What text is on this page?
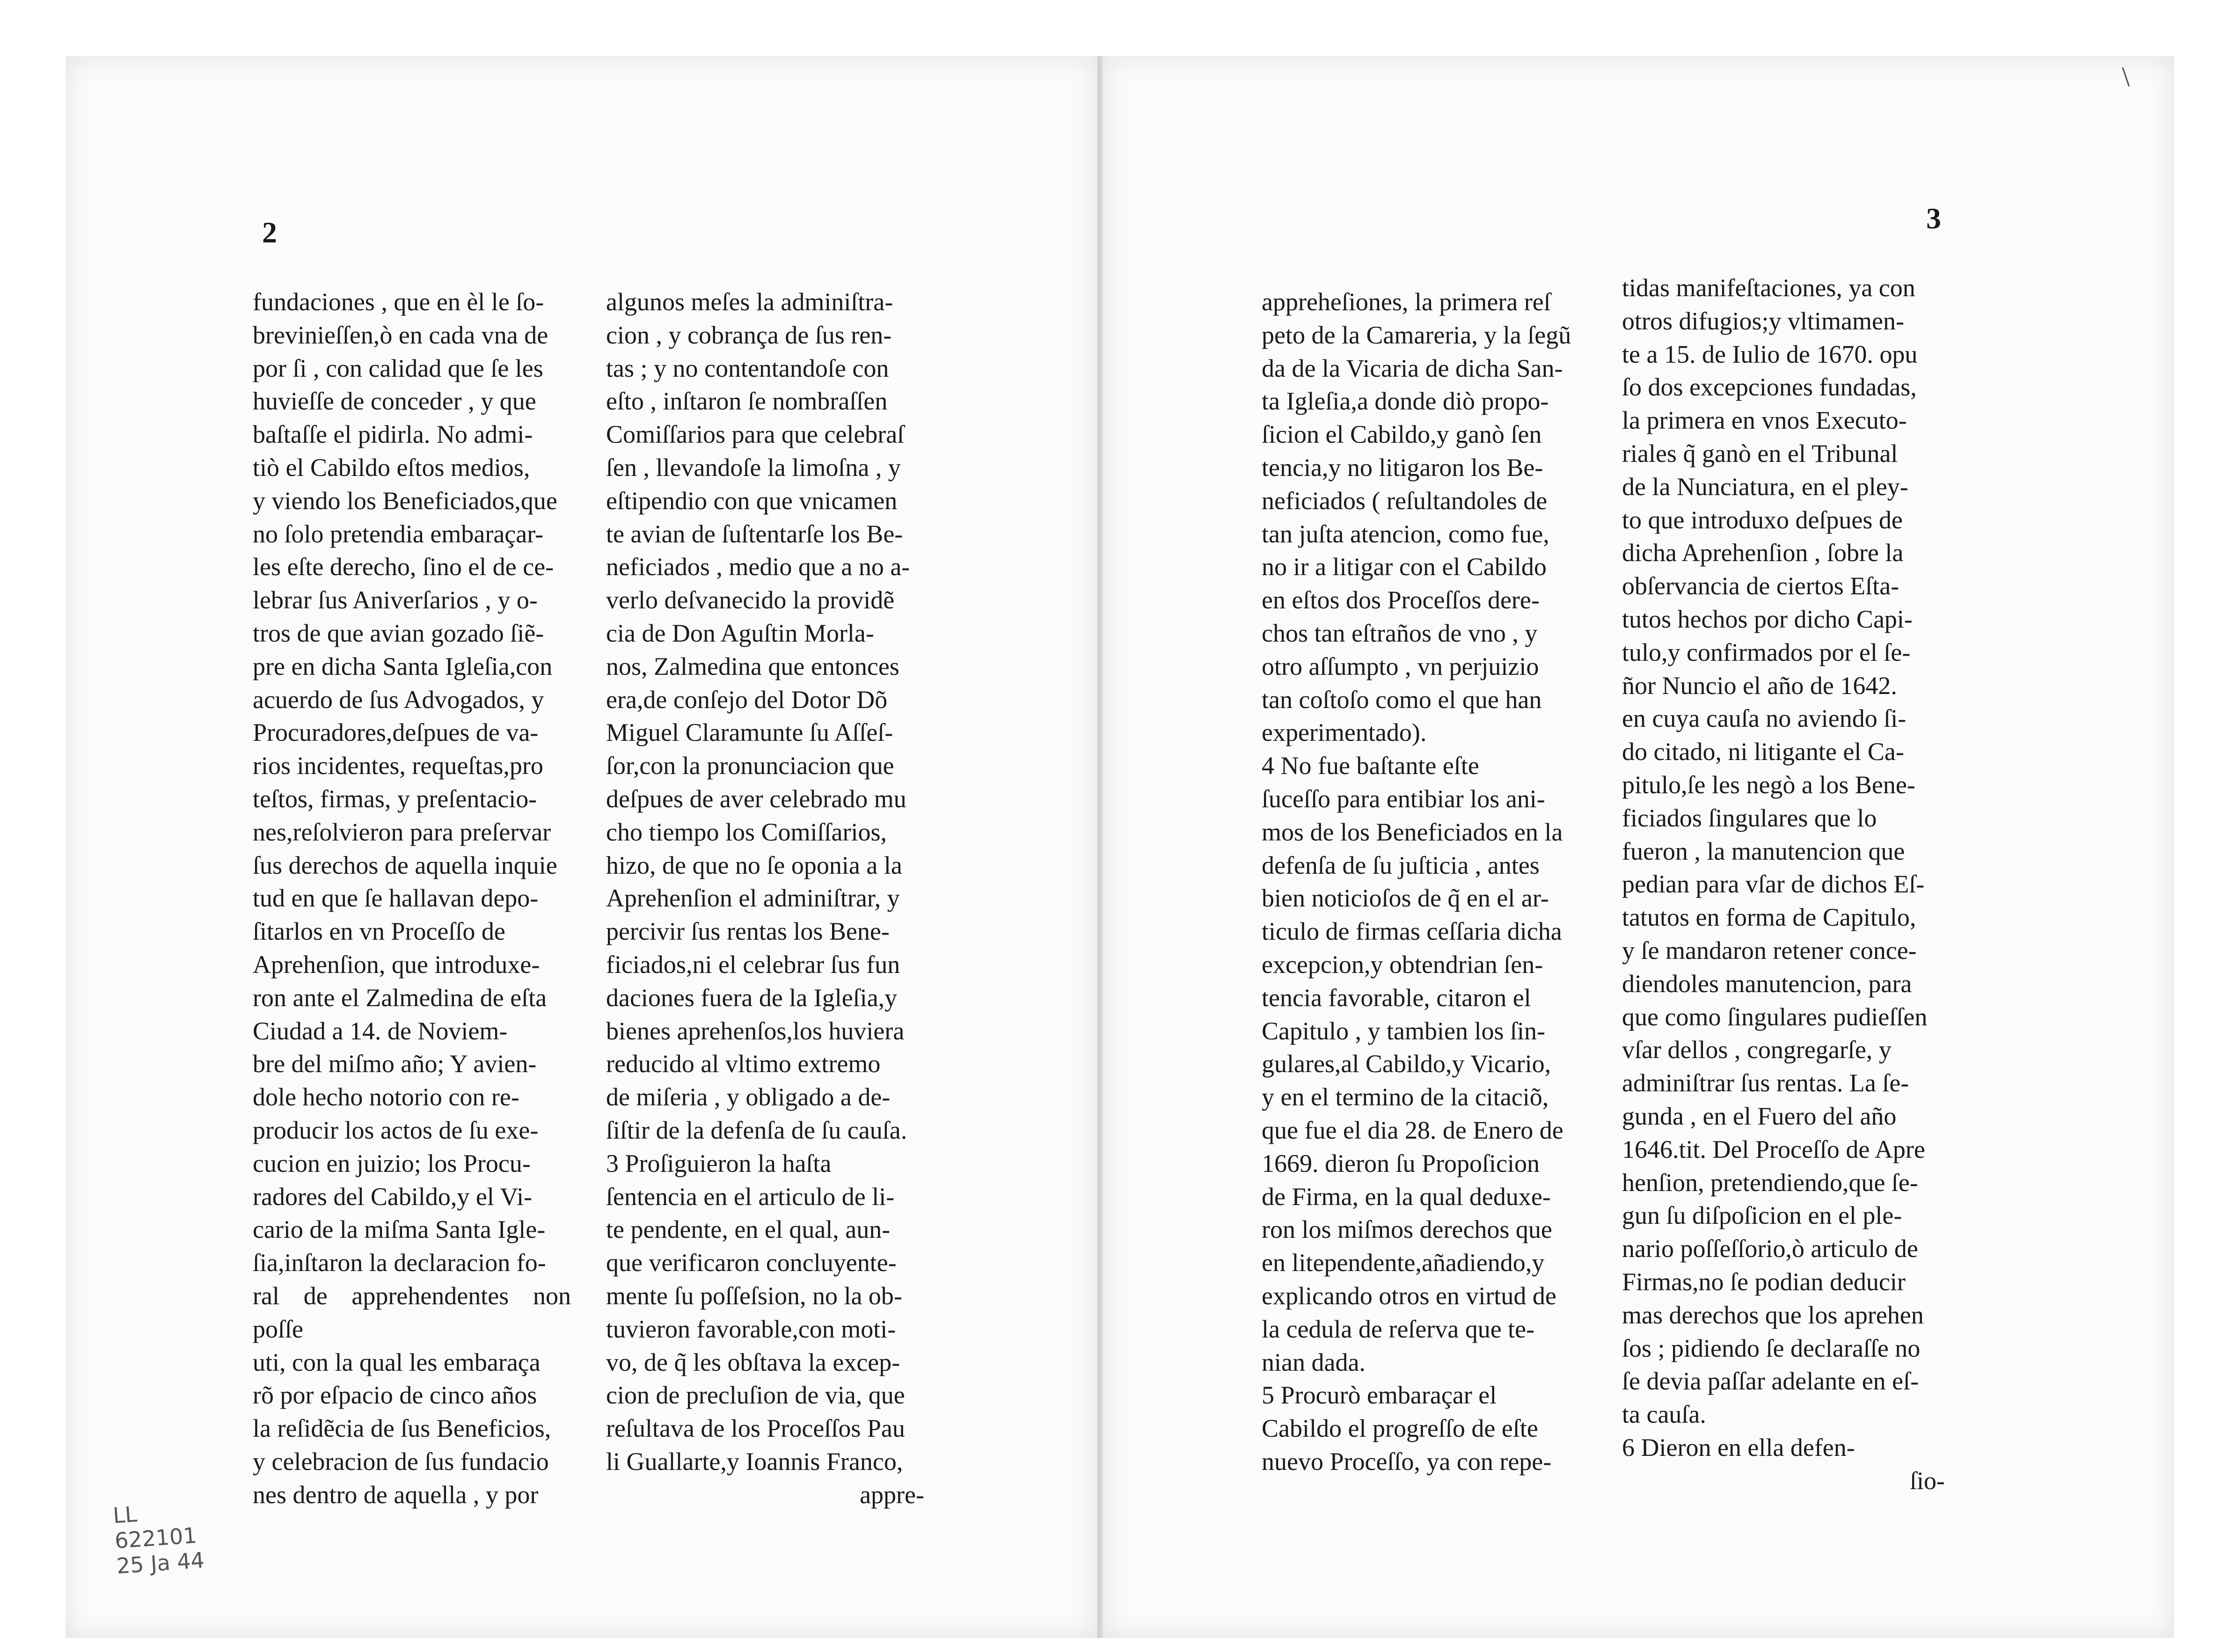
2
fundaciones , que en èl le ſo-
brevinieſſen,ò en cada vna de
por ſi , con calidad que ſe les
huvieſſe de conceder , y que
baſtaſſe el pidirla. No admi-
tiò el Cabildo eſtos medios,
y viendo los Beneficiados,que
no ſolo pretendia embaraçar-
les eſte derecho, ſino el de ce-
lebrar ſus Aniverſarios , y o-
tros de que avian gozado ſiẽ-
pre en dicha Santa Igleſia,con
acuerdo de ſus Advogados, y
Procuradores,deſpues de va-
rios incidentes, requeſtas,pro
teſtos, firmas, y preſentacio-
nes,reſolvieron para preſervar
ſus derechos de aquella inquie
tud en que ſe hallavan depo-
ſitarlos en vn Proceſſo de
Aprehenſion, que introduxe-
ron ante el Zalmedina de eſta
Ciudad a 14. de Noviem-
bre del miſmo año; Y avien-
dole hecho notorio con re-
producir los actos de ſu exe-
cucion en juizio; los Procu-
radores del Cabildo,y el Vi-
cario de la miſma Santa Igle-
ſia,inſtaron la declaracion fo-
ral de apprehendentes non poſſe
uti, con la qual les embaraça
rõ por eſpacio de cinco años
la reſidẽcia de ſus Beneficios,
y celebracion de ſus fundacio
nes dentro de aquella , y por
algunos meſes la adminiſtra-
cion , y cobrança de ſus ren-
tas ; y no contentandoſe con
eſto , inſtaron ſe nombraſſen
Comiſſarios para que celebraſ
ſen , llevandoſe la limoſna , y
eſtipendio con que vnicamen
te avian de ſuſtentarſe los Be-
neficiados , medio que a no a-
verlo deſvanecido la providẽ
cia de Don Aguſtin Morla-
nos, Zalmedina que entonces
era,de conſejo del Dotor Dõ
Miguel Claramunte ſu Aſſeſ-
ſor,con la pronunciacion que
deſpues de aver celebrado mu
cho tiempo los Comiſſarios,
hizo, de que no ſe oponia a la
Aprehenſion el adminiſtrar, y
percivir ſus rentas los Bene-
ficiados,ni el celebrar ſus fun
daciones fuera de la Igleſia,y
bienes aprehenſos,los huviera
reducido al vltimo extremo
de miſeria , y obligado a de-
ſiſtir de la defenſa de ſu cauſa.
3 Proſiguieron la haſta
ſentencia en el articulo de li-
te pendente, en el qual, aun-
que verificaron concluyente-
mente ſu poſſeſsion, no la ob-
tuvieron favorable,con moti-
vo, de q̃ les obſtava la excep-
cion de precluſion de via, que
reſultava de los Proceſſos Pau
li Guallarte,y Ioannis Franco,
appre-
3
appreheſiones, la primera reſ
peto de la Camareria, y la ſegũ
da de la Vicaria de dicha San-
ta Igleſia,a donde diò propo-
ſicion el Cabildo,y ganò ſen
tencia,y no litigaron los Be-
neficiados ( reſultandoles de
tan juſta atencion, como fue,
no ir a litigar con el Cabildo
en eſtos dos Proceſſos dere-
chos tan eſtraños de vno , y
otro aſſumpto , vn perjuizio
tan coſtoſo como el que han
experimentado).
4 No fue baſtante eſte
ſuceſſo para entibiar los ani-
mos de los Beneficiados en la
defenſa de ſu juſticia , antes
bien noticioſos de q̃ en el ar-
ticulo de firmas ceſſaria dicha
excepcion,y obtendrian ſen-
tencia favorable, citaron el
Capitulo , y tambien los ſin-
gulares,al Cabildo,y Vicario,
y en el termino de la citaciõ,
que fue el dia 28. de Enero de
1669. dieron ſu Propoſicion
de Firma, en la qual deduxe-
ron los miſmos derechos que
en litependente,añadiendo,y
explicando otros en virtud de
la cedula de reſerva que te-
nian dada.
5 Procurò embaraçar el
Cabildo el progreſſo de eſte
nuevo Proceſſo, ya con repe-
tidas manifeſtaciones, ya con
otros difugios;y vltimamen-
te a 15. de Iulio de 1670. opu
ſo dos excepciones fundadas,
la primera en vnos Executo-
riales q̃ ganò en el Tribunal
de la Nunciatura, en el pley-
to que introduxo deſpues de
dicha Aprehenſion , ſobre la
obſervancia de ciertos Eſta-
tutos hechos por dicho Capi-
tulo,y confirmados por el ſe-
ñor Nuncio el año de 1642.
en cuya cauſa no aviendo ſi-
do citado, ni litigante el Ca-
pitulo,ſe les negò a los Bene-
ficiados ſingulares que lo
fueron , la manutencion que
pedian para vſar de dichos Eſ-
tatutos en forma de Capitulo,
y ſe mandaron retener conce-
diendoles manutencion, para
que como ſingulares pudieſſen
vſar dellos , congregarſe, y
adminiſtrar ſus rentas. La ſe-
gunda , en el Fuero del año
1646.tit. Del Proceſſo de Apre
henſion, pretendiendo,que ſe-
gun ſu diſpoſicion en el ple-
nario poſſeſſorio,ò articulo de
Firmas,no ſe podian deducir
mas derechos que los aprehen
ſos ; pidiendo ſe declaraſſe no
ſe devia paſſar adelante en eſ-
ta cauſa.
6 Dieron en ella defen-
ſio-
\
LL
622101
25 Ja 44
